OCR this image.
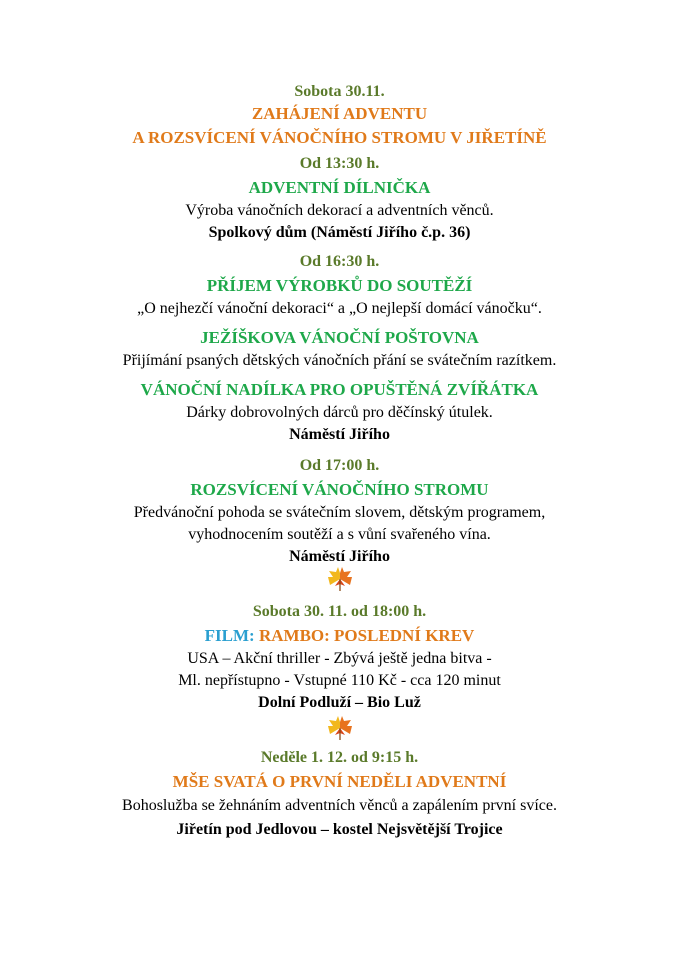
Sobota 30.11.
ZAHÁJENÍ ADVENTU
A ROZSVÍCENÍ VÁNOČNÍHO STROMU V JIŘETÍNĚ
Od 13:30 h.
ADVENTNÍ DÍLNIČKA
Výroba vánočních dekorací a adventních věnců.
Spolkový dům (Náměstí Jiřího č.p. 36)
Od 16:30 h.
PŘÍJEM VÝROBKŮ DO SOUTĚŽÍ
„O nejhezčí vánoční dekoraci“ a „O nejlepší domácí vánočku“.
JEŽÍŠKOVA VÁNOČNÍ POŠTOVNA
Přijímání psaných dětských vánočních přání se svátečním razítkem.
VÁNOČNÍ NADÍLKA PRO OPUŠTĚNÁ ZVÍŘÁTKA
Dárky dobrovolných dárců pro děčínský útulek.
Náměstí Jiřího
Od 17:00 h.
ROZSVÍCENÍ VÁNOČNÍHO STROMU
Předvánoční pohoda se svátečním slovem, dětským programem,
vyhodnocením soutěží a s vůní svařeného vína.
Náměstí Jiřího
Sobota 30. 11. od 18:00 h.
FILM: RAMBO: POSLEDNÍ KREV
USA – Akční thriller - Zbývá ještě jedna bitva -
Ml. nepřístupno - Vstupné 110 Kč - cca 120 minut
Dolní Podluží – Bio Luž
Neděle 1. 12. od 9:15 h.
MŠE SVATÁ O PRVNÍ NEDĚLI ADVENTNÍ
Bohoslužba se žehnáním adventních věnců a zapálením první svíce.
Jiřetín pod Jedlovou – kostel Nejsvětější Trojice
